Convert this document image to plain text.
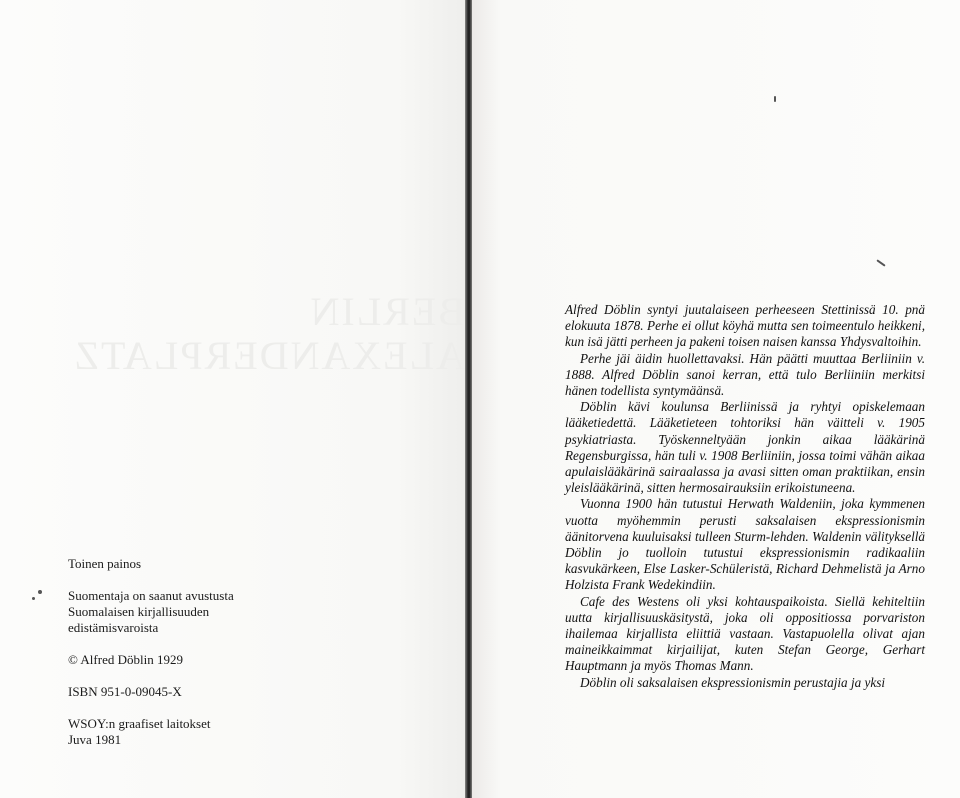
BERLIN
ALEXANDERPLATZ

Toinen painos

Suomentaja on saanut avustusta

Suomalaisen kirjallisuuden

edistämisvaroista

© Alfred Döblin 1929

ISBN 951-0-09045-X

WSOY:n graafiset laitokset

Juva 1981

Alfred Döblin syntyi juutalaiseen perheeseen Stettinissä 10. pnä elokuuta 1878. Perhe ei ollut köyhä mutta sen toimeentulo heikkeni, kun isä jätti perheen ja pakeni toisen naisen kanssa Yhdysvaltoihin.

Perhe jäi äidin huollettavaksi. Hän päätti muuttaa Berliiniin v. 1888. Alfred Döblin sanoi kerran, että tulo Berliiniin merkitsi hänen todellista syntymäänsä.

Döblin kävi koulunsa Berliinissä ja ryhtyi opiskelemaan lääketiedettä. Lääketieteen tohtoriksi hän väitteli v. 1905 psykiatriasta. Työskenneltyään jonkin aikaa lääkärinä Regensburgissa, hän tuli v. 1908 Berliiniin, jossa toimi vähän aikaa apulaislääkärinä sairaalassa ja avasi sitten oman praktiikan, ensin yleislääkärinä, sitten hermosairauksiin erikoistuneena.

Vuonna 1900 hän tutustui Herwath Waldeniin, joka kymmenen vuotta myöhemmin perusti saksalaisen ekspressionismin äänitorvena kuuluisaksi tulleen Sturm-lehden. Waldenin välityksellä Döblin jo tuolloin tutustui ekspressionismin radikaaliin kasvukärkeen, Else Lasker-Schüleristä, Richard Dehmelistä ja Arno Holzista Frank Wedekindiin.

Cafe des Westens oli yksi kohtauspaikoista. Siellä kehiteltiin uutta kirjallisuuskäsitystä, joka oli oppositiossa porvariston ihailemaa kirjallista eliittiä vastaan. Vastapuolella olivat ajan maineikkaimmat kirjailijat, kuten Stefan George, Gerhart Hauptmann ja myös Thomas Mann.

Döblin oli saksalaisen ekspressionismin perustajia ja yksi
